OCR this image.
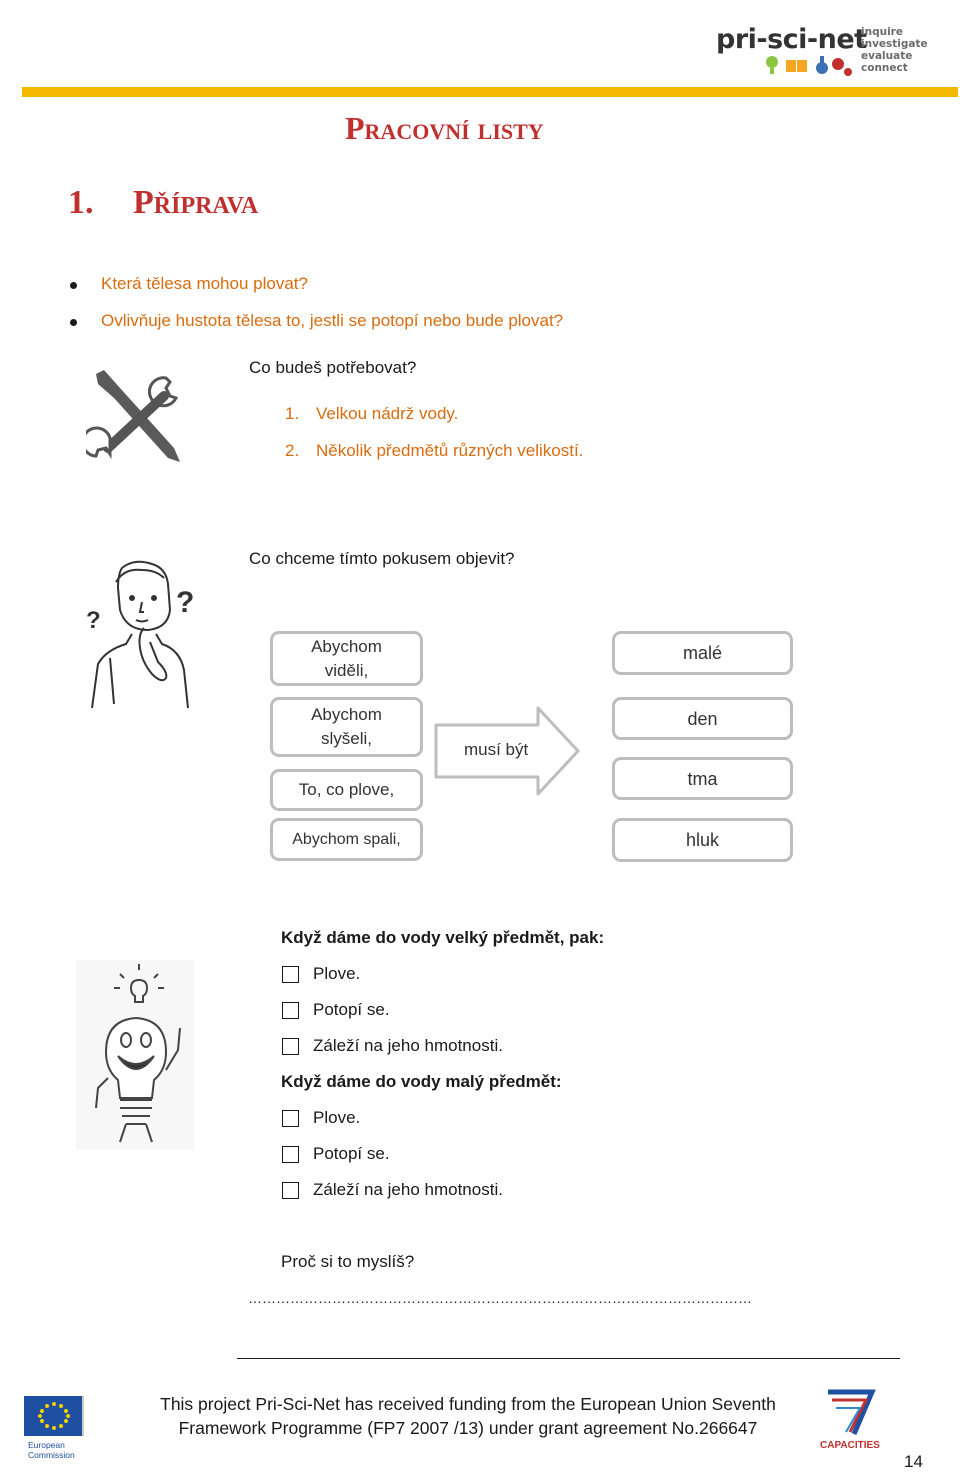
pri-sci-net
inquire
investigate
evaluate
connect
Pracovní listy
1. Příprava
Která tělesa mohou plovat?
Ovlivňuje hustota tělesa to, jestli se potopí nebo bude plovat?
Co budeš potřebovat?
1. Velkou nádrž vody.
2. Několik předmětů různých velikostí.
Co chceme tímto pokusem objevit?
?
?
Abychom viděli,
Abychom slyšeli,
To, co plove,
Abychom spali,
musí být
malé
den
tma
hluk
Když dáme do vody velký předmět, pak:
Plove.
Potopí se.
Záleží na jeho hmotnosti.
Když dáme do vody malý předmět:
Plove.
Potopí se.
Záleží na jeho hmotnosti.
Proč si to myslíš?
………………………………………………………………………………………………
European
Commission
This project Pri-Sci-Net has received funding from the European Union Seventh
Framework Programme (FP7 2007 /13) under grant agreement No.266647
CAPACITIES
14
